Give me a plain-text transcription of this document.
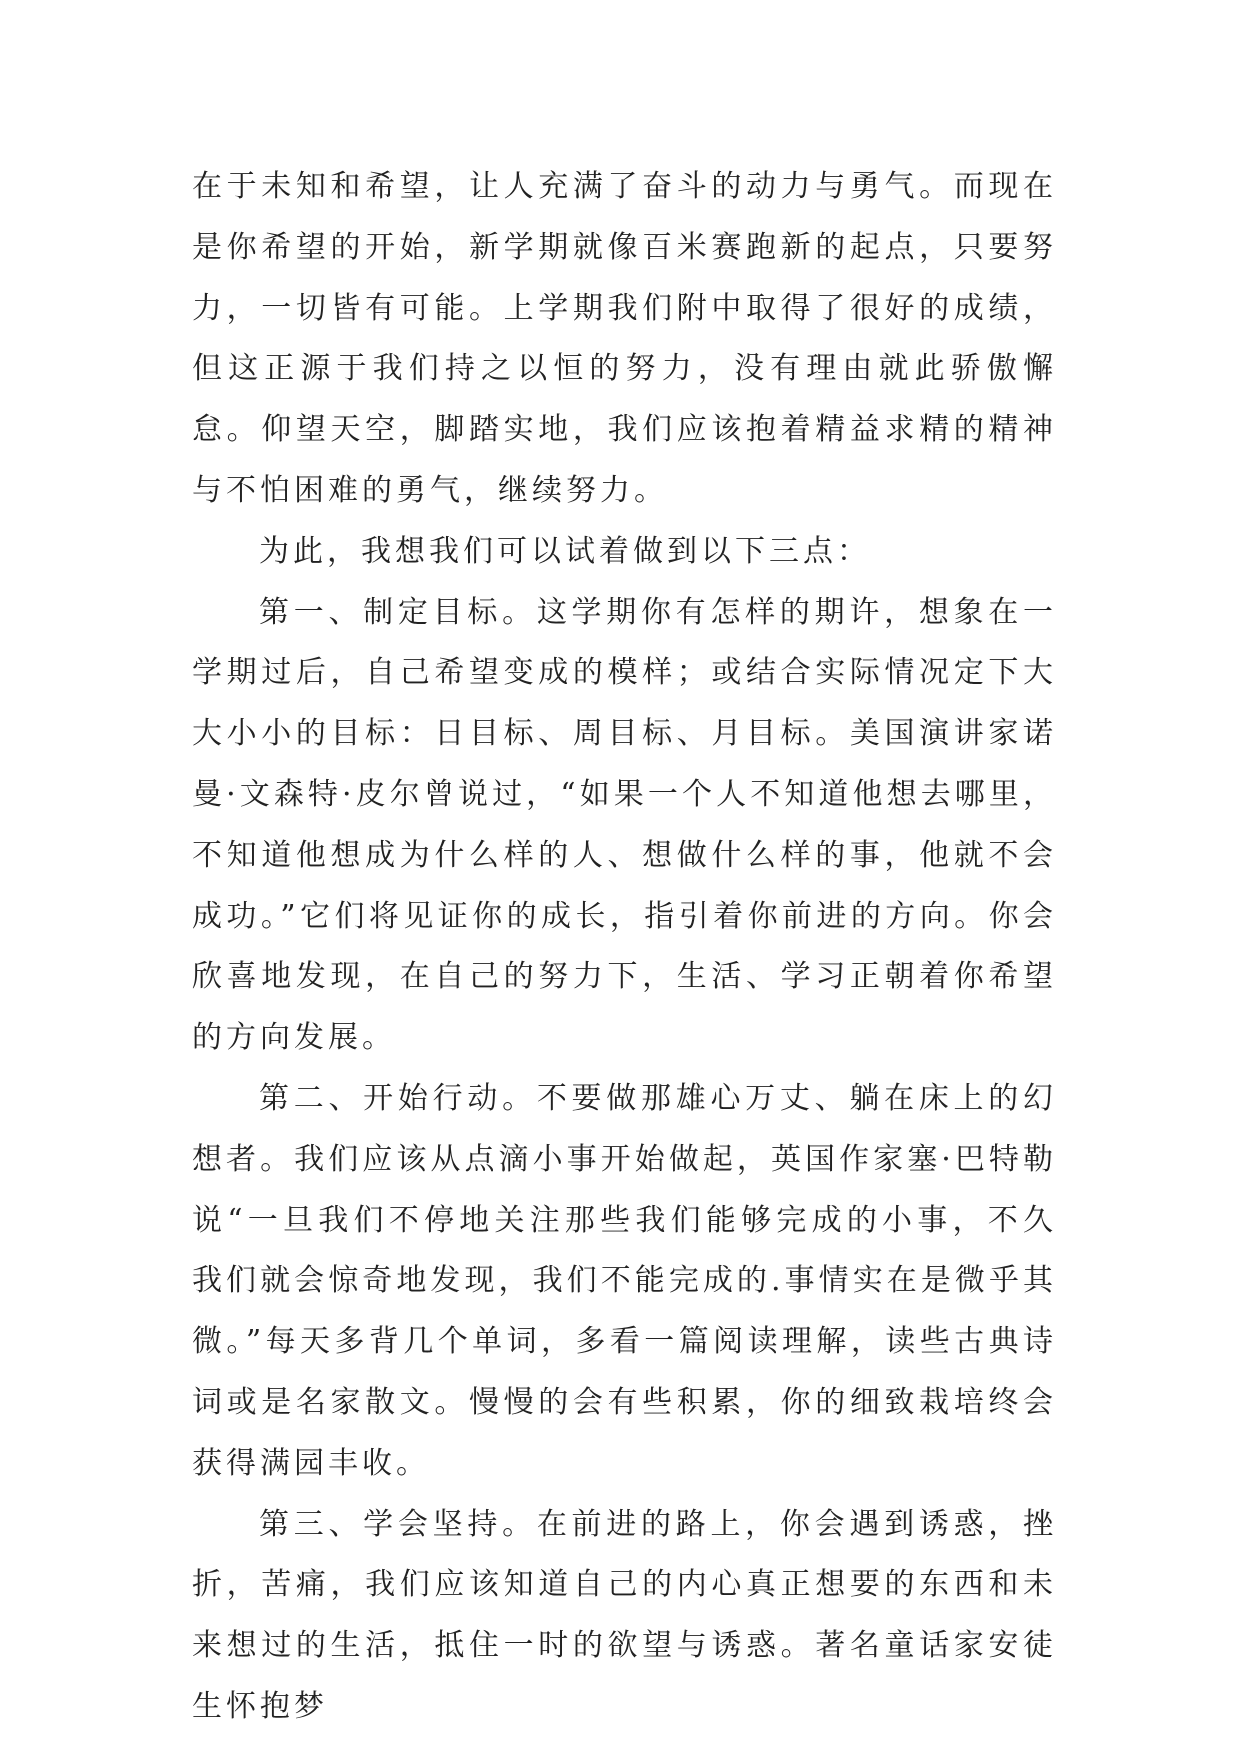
在于未知和希望，让人充满了奋斗的动力与勇气。而现在是你希望的开始，新学期就像百米赛跑新的起点，只要努力，一切皆有可能。上学期我们附中取得了很好的成绩，但这正源于我们持之以恒的努力，没有理由就此骄傲懈怠。仰望天空，脚踏实地，我们应该抱着精益求精的精神与不怕困难的勇气，继续努力。

为此，我想我们可以试着做到以下三点：

第一、制定目标。这学期你有怎样的期许，想象在一学期过后，自己希望变成的模样；或结合实际情况定下大大小小的目标：日目标、周目标、月目标。美国演讲家诺曼·文森特·皮尔曾说过，“如果一个人不知道他想去哪里，不知道他想成为什么样的人、想做什么样的事，他就不会成功。”它们将见证你的成长，指引着你前进的方向。你会欣喜地发现，在自己的努力下，生活、学习正朝着你希望的方向发展。

第二、开始行动。不要做那雄心万丈、躺在床上的幻想者。我们应该从点滴小事开始做起，英国作家塞·巴特勒说“一旦我们不停地关注那些我们能够完成的小事，不久我们就会惊奇地发现，我们不能完成的.事情实在是微乎其微。”每天多背几个单词，多看一篇阅读理解，读些古典诗词或是名家散文。慢慢的会有些积累，你的细致栽培终会获得满园丰收。

第三、学会坚持。在前进的路上，你会遇到诱惑，挫折，苦痛，我们应该知道自己的内心真正想要的东西和未来想过的生活，抵住一时的欲望与诱惑。著名童话家安徒生怀抱梦
